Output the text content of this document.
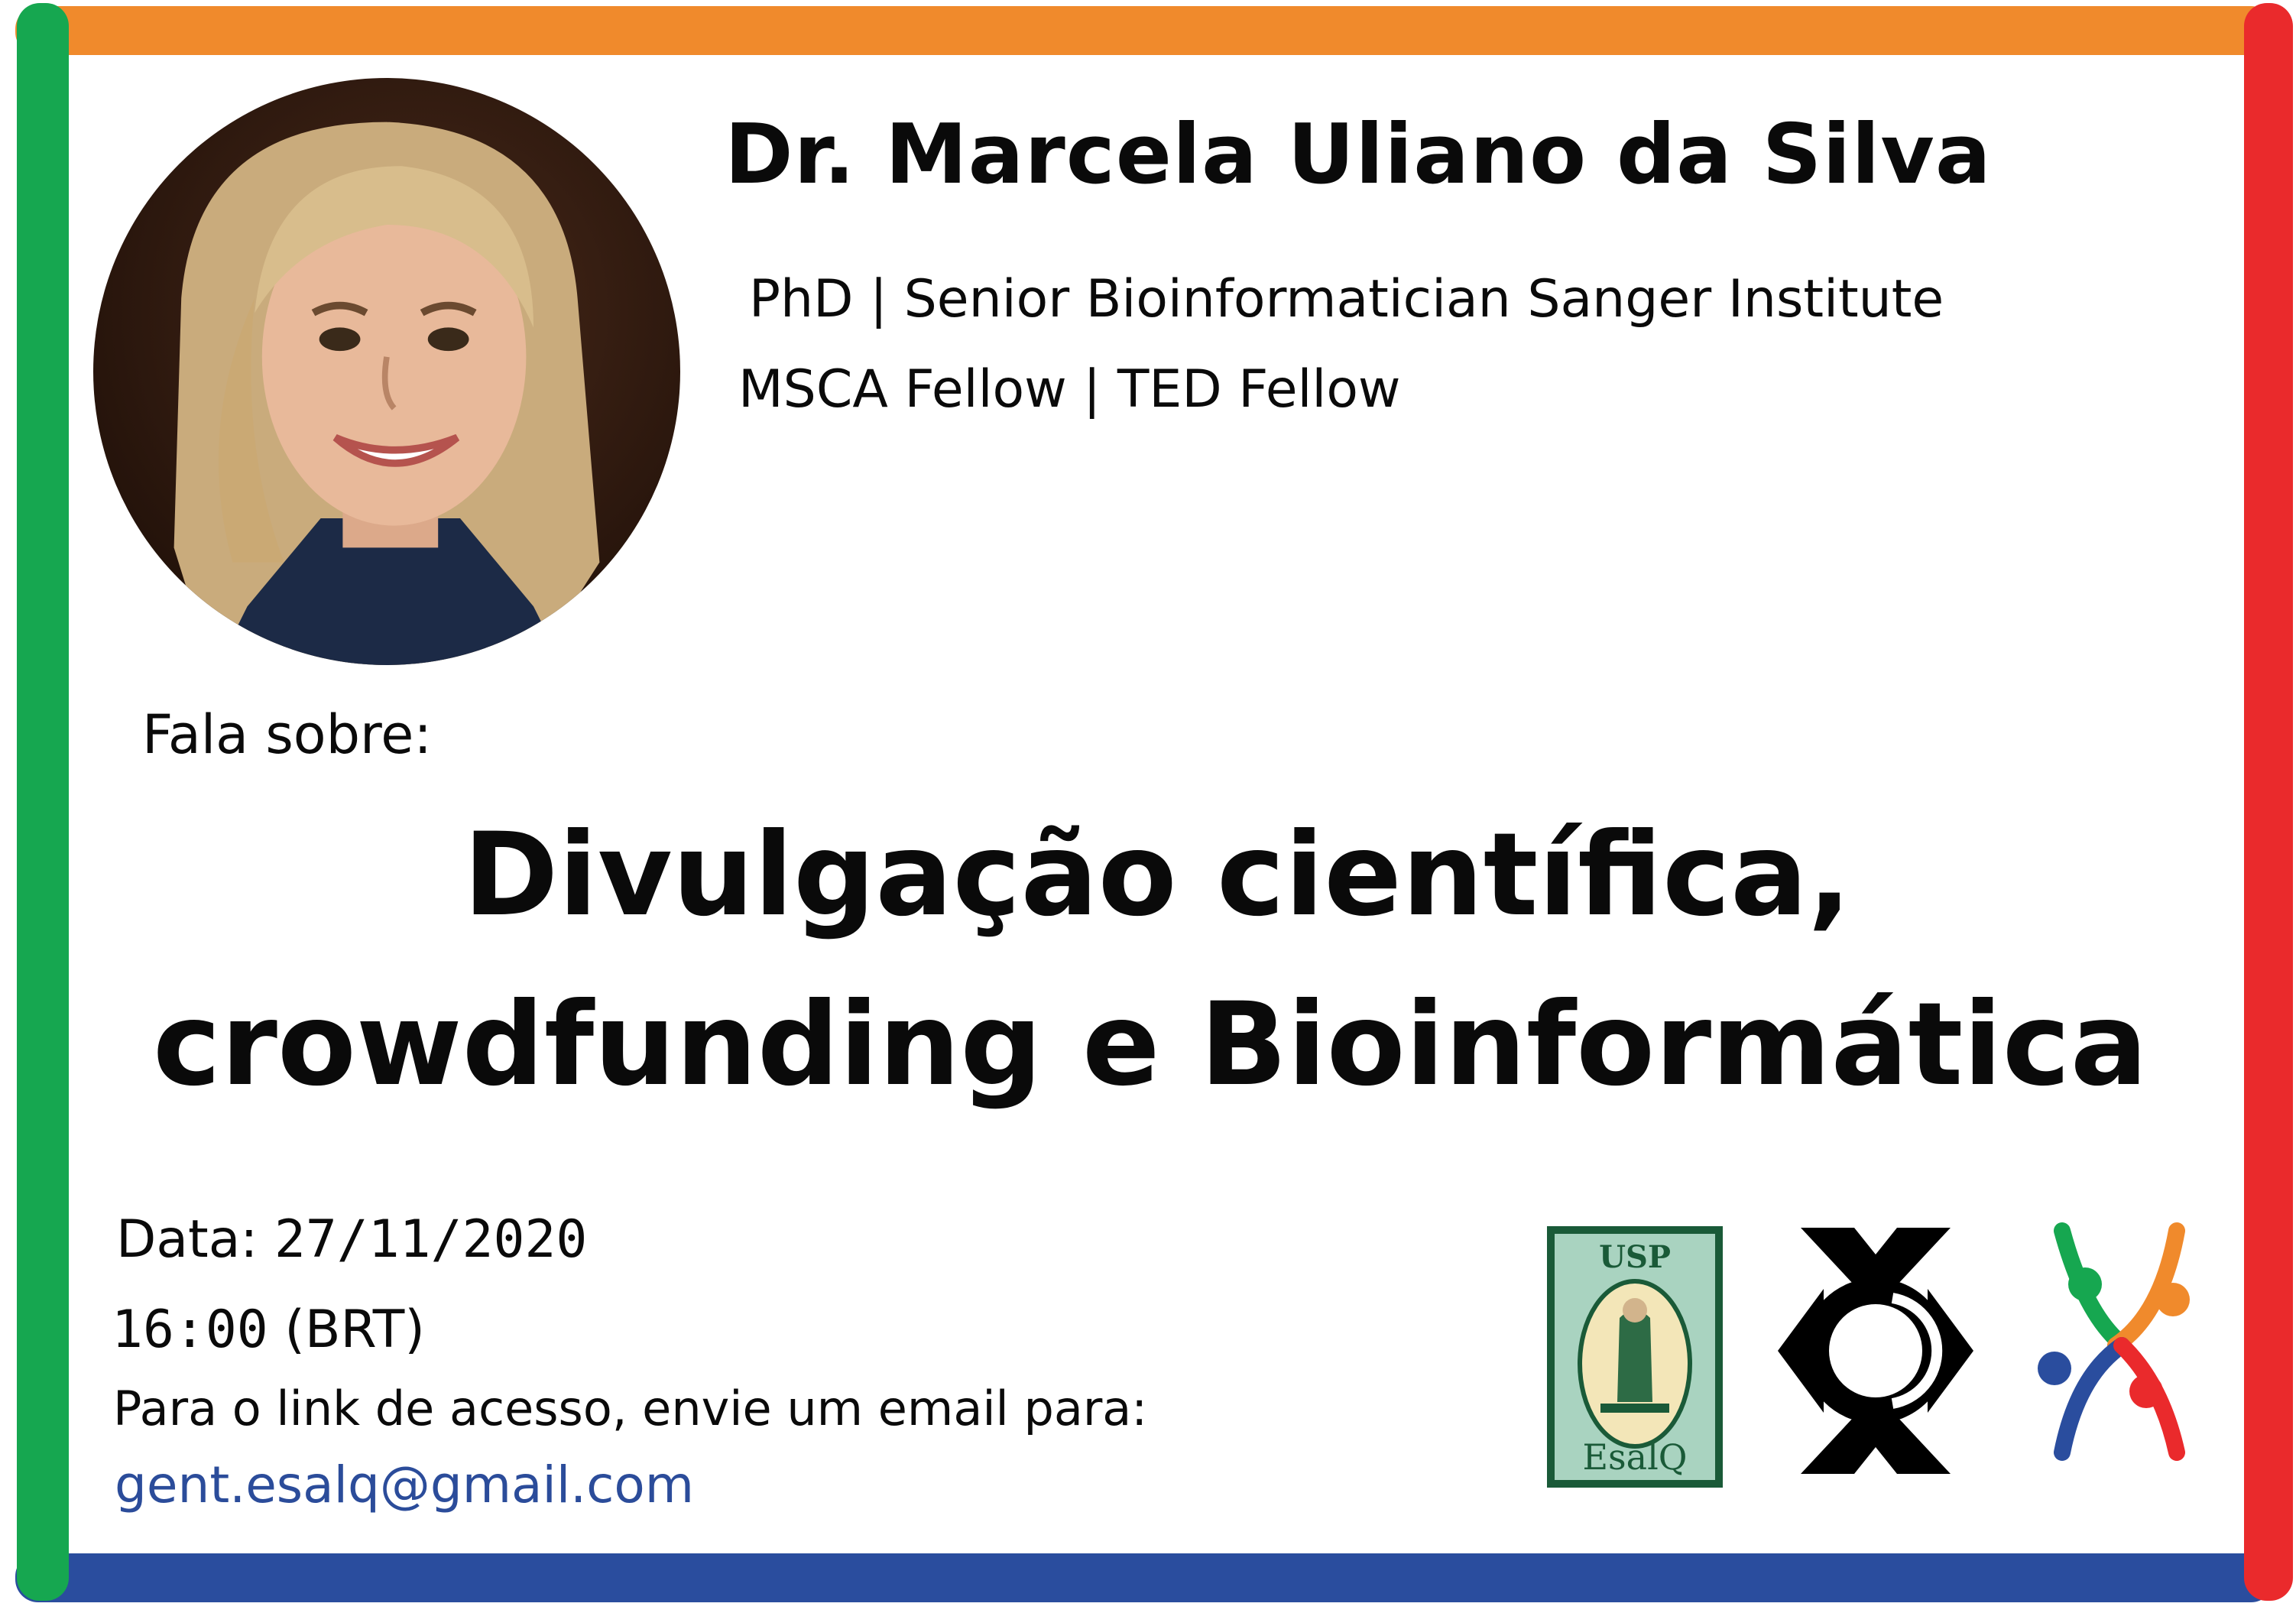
Dr. Marcela Uliano da Silva
PhD | Senior Bioinformatician Sanger Institute
MSCA Fellow | TED Fellow
Fala sobre:
Divulgação científica,
crowdfunding e Bioinformática
Data: 27/11/2020
16:00 (BRT)
Para o link de acesso, envie um email para:
gent.esalq@gmail.com
USP
EsalQ
